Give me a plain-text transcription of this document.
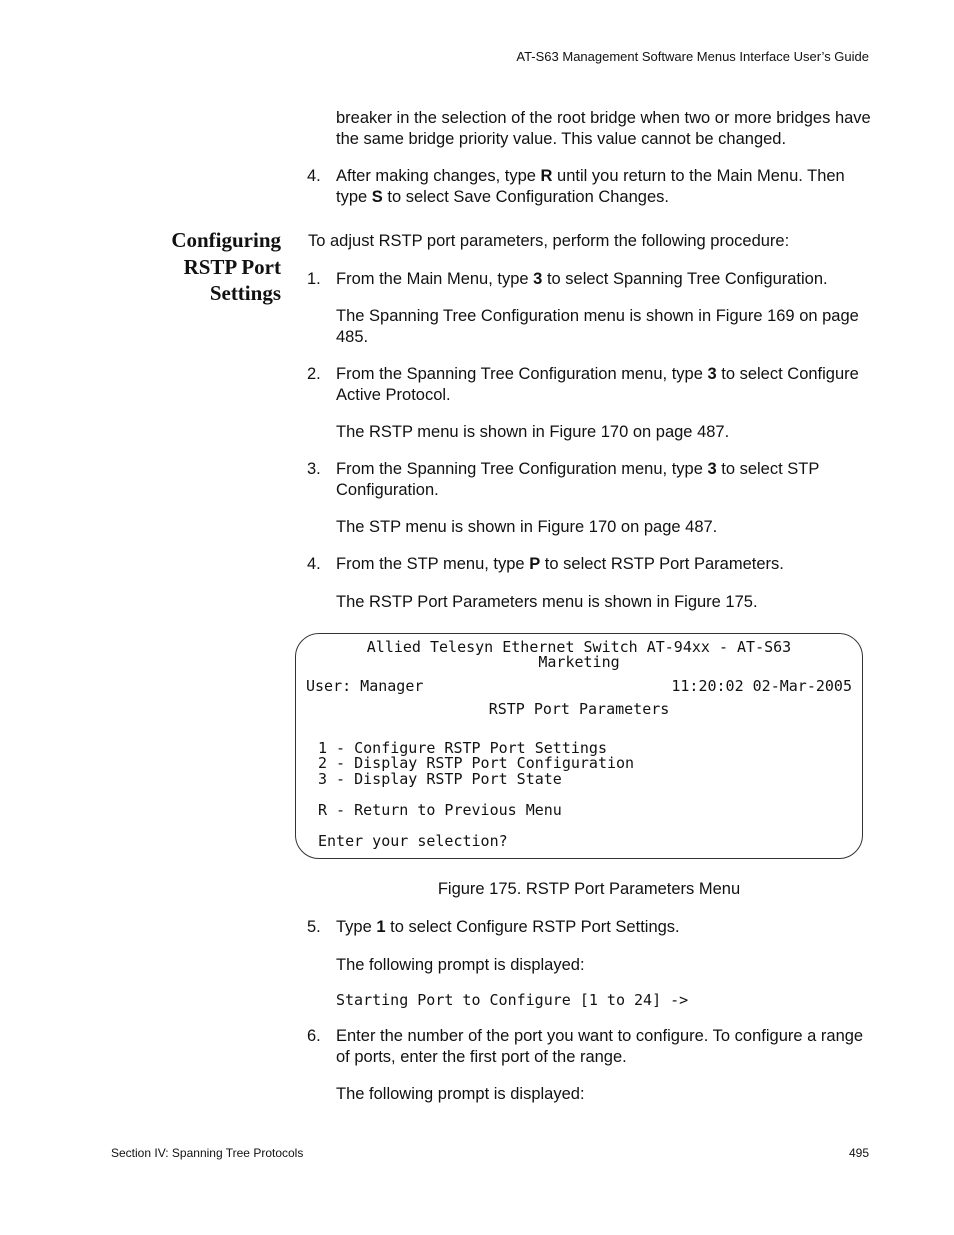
AT-S63 Management Software Menus Interface User’s Guide
breaker in the selection of the root bridge when two or more bridges have the same bridge priority value. This value cannot be changed.
4. After making changes, type R until you return to the Main Menu. Then type S to select Save Configuration Changes.
Configuring
RSTP Port
Settings
To adjust RSTP port parameters, perform the following procedure:
1. From the Main Menu, type 3 to select Spanning Tree Configuration.
The Spanning Tree Configuration menu is shown in Figure 169 on page 485.
2. From the Spanning Tree Configuration menu, type 3 to select Configure Active Protocol.
The RSTP menu is shown in Figure 170 on page 487.
3. From the Spanning Tree Configuration menu, type 3 to select STP Configuration.
The STP menu is shown in Figure 170 on page 487.
4. From the STP menu, type P to select RSTP Port Parameters.
The RSTP Port Parameters menu is shown in Figure 175.
Allied Telesyn Ethernet Switch AT-94xx - AT-S63
Marketing
User: Manager	11:20:02 02-Mar-2005
RSTP Port Parameters
1 - Configure RSTP Port Settings
2 - Display RSTP Port Configuration
3 - Display RSTP Port State
R - Return to Previous Menu
Enter your selection?
Figure 175. RSTP Port Parameters Menu
5. Type 1 to select Configure RSTP Port Settings.
The following prompt is displayed:
Starting Port to Configure [1 to 24] ->
6. Enter the number of the port you want to configure. To configure a range of ports, enter the first port of the range.
The following prompt is displayed:
Section IV: Spanning Tree Protocols	495
